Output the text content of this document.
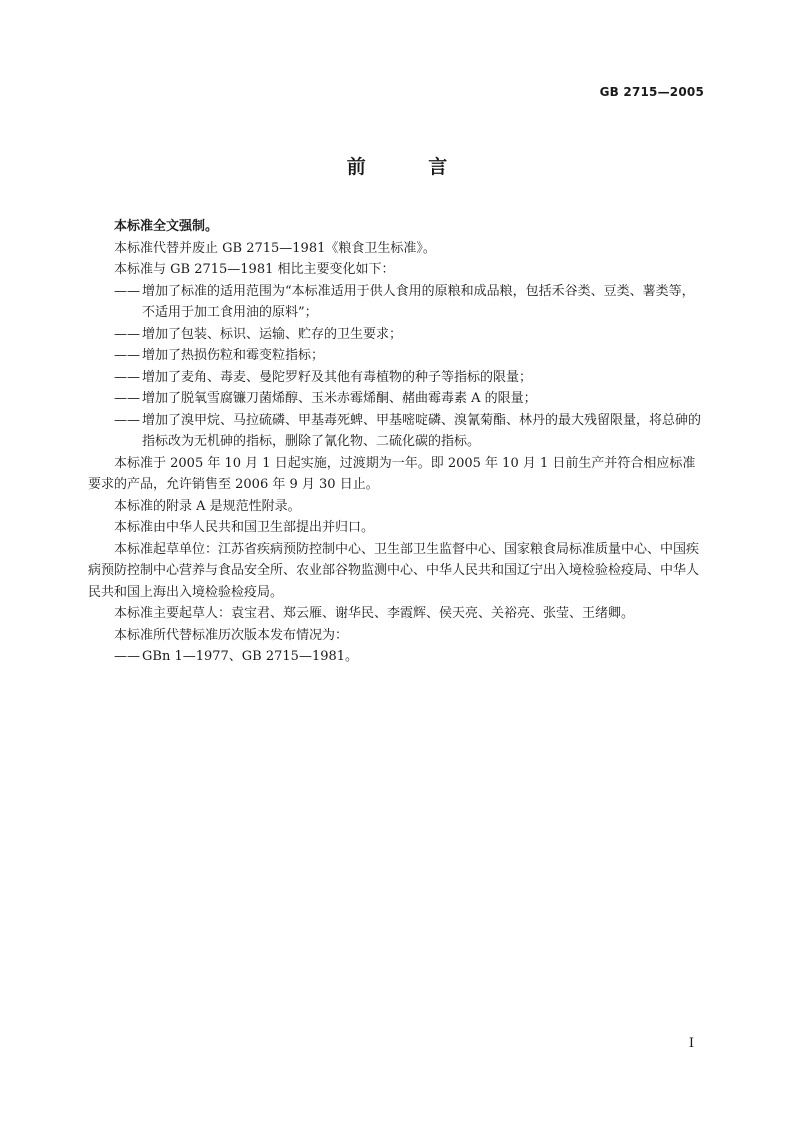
GB 2715—2005
前 言

本标准全文强制。

本标准代替并废止 GB 2715—1981《粮食卫生标准》。

本标准与 GB 2715—1981 相比主要变化如下：

—— 增加了标准的适用范围为“本标准适用于供人食用的原粮和成品粮，包括禾谷类、豆类、薯类等，不适用于加工食用油的原料”；

—— 增加了包装、标识、运输、贮存的卫生要求；

—— 增加了热损伤粒和霉变粒指标；

—— 增加了麦角、毒麦、曼陀罗籽及其他有毒植物的种子等指标的限量；

—— 增加了脱氧雪腐镰刀菌烯醇、玉米赤霉烯酮、赭曲霉毒素 A 的限量；

—— 增加了溴甲烷、马拉硫磷、甲基毒死蜱、甲基嘧啶磷、溴氰菊酯、林丹的最大残留限量，将总砷的指标改为无机砷的指标，删除了氰化物、二硫化碳的指标。

本标准于 2005 年 10 月 1 日起实施，过渡期为一年。即 2005 年 10 月 1 日前生产并符合相应标准要求的产品，允许销售至 2006 年 9 月 30 日止。

本标准的附录 A 是规范性附录。

本标准由中华人民共和国卫生部提出并归口。

本标准起草单位：江苏省疾病预防控制中心、卫生部卫生监督中心、国家粮食局标准质量中心、中国疾病预防控制中心营养与食品安全所、农业部谷物监测中心、中华人民共和国辽宁出入境检验检疫局、中华人民共和国上海出入境检验检疫局。

本标准主要起草人：袁宝君、郑云雁、谢华民、李霞辉、侯天亮、关裕亮、张莹、王绪卿。

本标准所代替标准历次版本发布情况为：

—— GBn 1—1977、GB 2715—1981。

I
